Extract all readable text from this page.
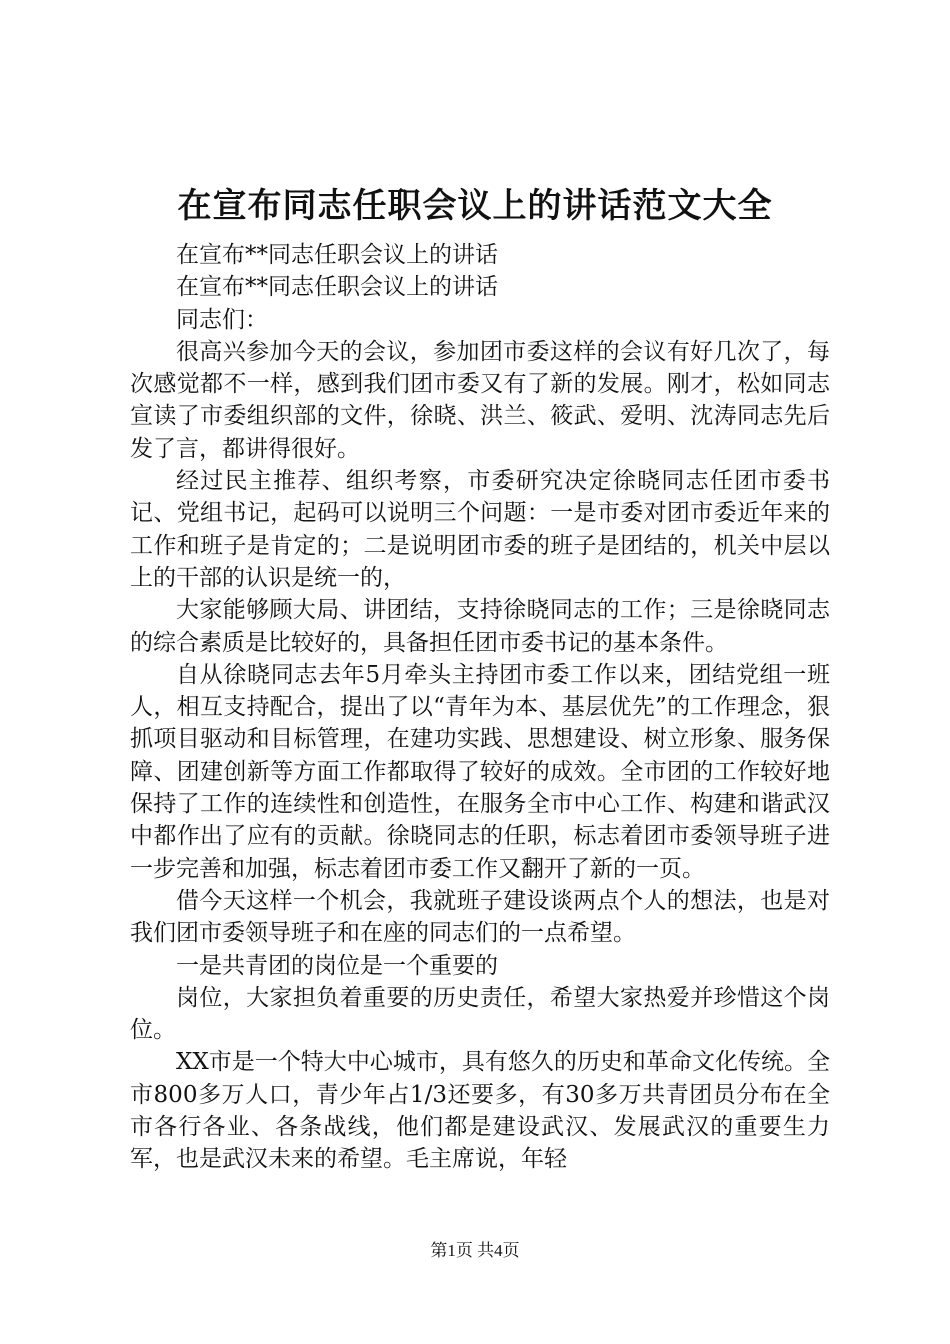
在宣布同志任职会议上的讲话范文大全

在宣布**同志任职会议上的讲话

在宣布**同志任职会议上的讲话

同志们：

很高兴参加今天的会议，参加团市委这样的会议有好几次了，每次感觉都不一样，感到我们团市委又有了新的发展。刚才，松如同志宣读了市委组织部的文件，徐晓、洪兰、筱武、爱明、沈涛同志先后发了言，都讲得很好。

经过民主推荐、组织考察，市委研究决定徐晓同志任团市委书记、党组书记，起码可以说明三个问题：一是市委对团市委近年来的工作和班子是肯定的；二是说明团市委的班子是团结的，机关中层以上的干部的认识是统一的，

大家能够顾大局、讲团结，支持徐晓同志的工作；三是徐晓同志的综合素质是比较好的，具备担任团市委书记的基本条件。

自从徐晓同志去年5月牵头主持团市委工作以来，团结党组一班人，相互支持配合，提出了以“青年为本、基层优先”的工作理念，狠抓项目驱动和目标管理，在建功实践、思想建设、树立形象、服务保障、团建创新等方面工作都取得了较好的成效。全市团的工作较好地保持了工作的连续性和创造性，在服务全市中心工作、构建和谐武汉中都作出了应有的贡献。徐晓同志的任职，标志着团市委领导班子进一步完善和加强，标志着团市委工作又翻开了新的一页。

借今天这样一个机会，我就班子建设谈两点个人的想法，也是对我们团市委领导班子和在座的同志们的一点希望。

一是共青团的岗位是一个重要的

岗位，大家担负着重要的历史责任，希望大家热爱并珍惜这个岗位。

XX市是一个特大中心城市，具有悠久的历史和革命文化传统。全市800多万人口，青少年占1/3还要多，有30多万共青团员分布在全市各行各业、各条战线，他们都是建设武汉、发展武汉的重要生力军，也是武汉未来的希望。毛主席说，年轻

第1页 共4页
